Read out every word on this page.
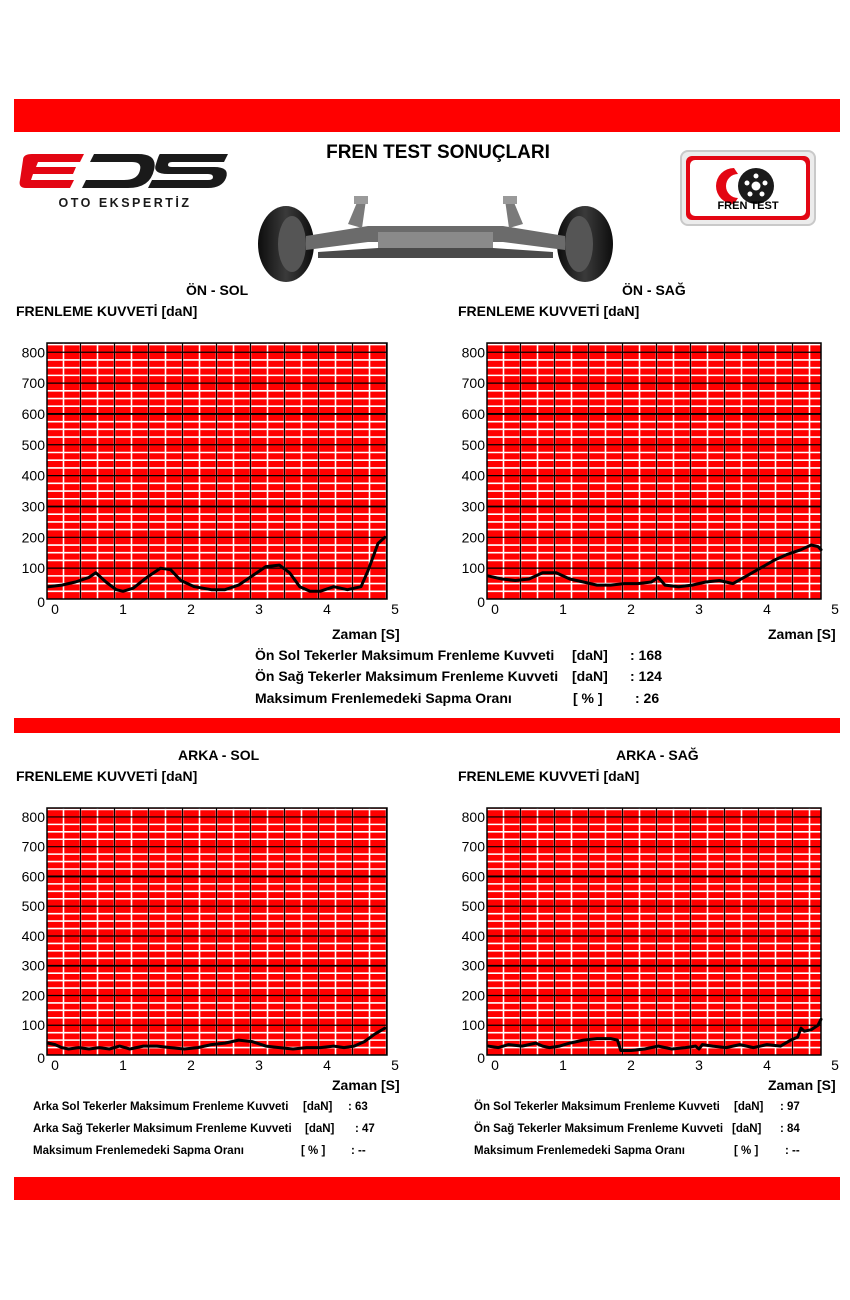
FREN TEST SONUÇLARI
OTO EKSPERTİZ	FREN TEST
ÖN - SOL	ÖN - SAĞ
FRENLEME KUVVETİ [daN]	FRENLEME KUVVETİ [daN]
0
100
200
300
400
500
600
700
800
0	1	2	3	4	5	0
100
200
300
400
500
600
700
800
0	1	2	3	4	5
Zaman [S]	Zaman [S]
Ön Sol Tekerler Maksimum Frenleme Kuvveti [daN] : 168
Ön Sağ Tekerler Maksimum Frenleme Kuvveti [daN] : 124
Maksimum Frenlemedeki Sapma Oranı	[ % ] : 26
ARKA - SOL	ARKA - SAĞ
FRENLEME KUVVETİ [daN]	FRENLEME KUVVETİ [daN]
0
100
200
300
400
500
600
700
800
0	1	2	3	4	5	0
100
200
300
400
500
600
700
800
0	1	2	3	4	5
Zaman [S]	Zaman [S]
Arka Sol Tekerler Maksimum Frenleme Kuvveti [daN] : 63
Arka Sağ Tekerler Maksimum Frenleme Kuvveti [daN] : 47
Maksimum Frenlemedeki Sapma Oranı	[ % ] : --
Ön Sol Tekerler Maksimum Frenleme Kuvveti [daN] : 97
Ön Sağ Tekerler Maksimum Frenleme Kuvveti [daN] : 84
Maksimum Frenlemedeki Sapma Oranı	[ % ] : --
